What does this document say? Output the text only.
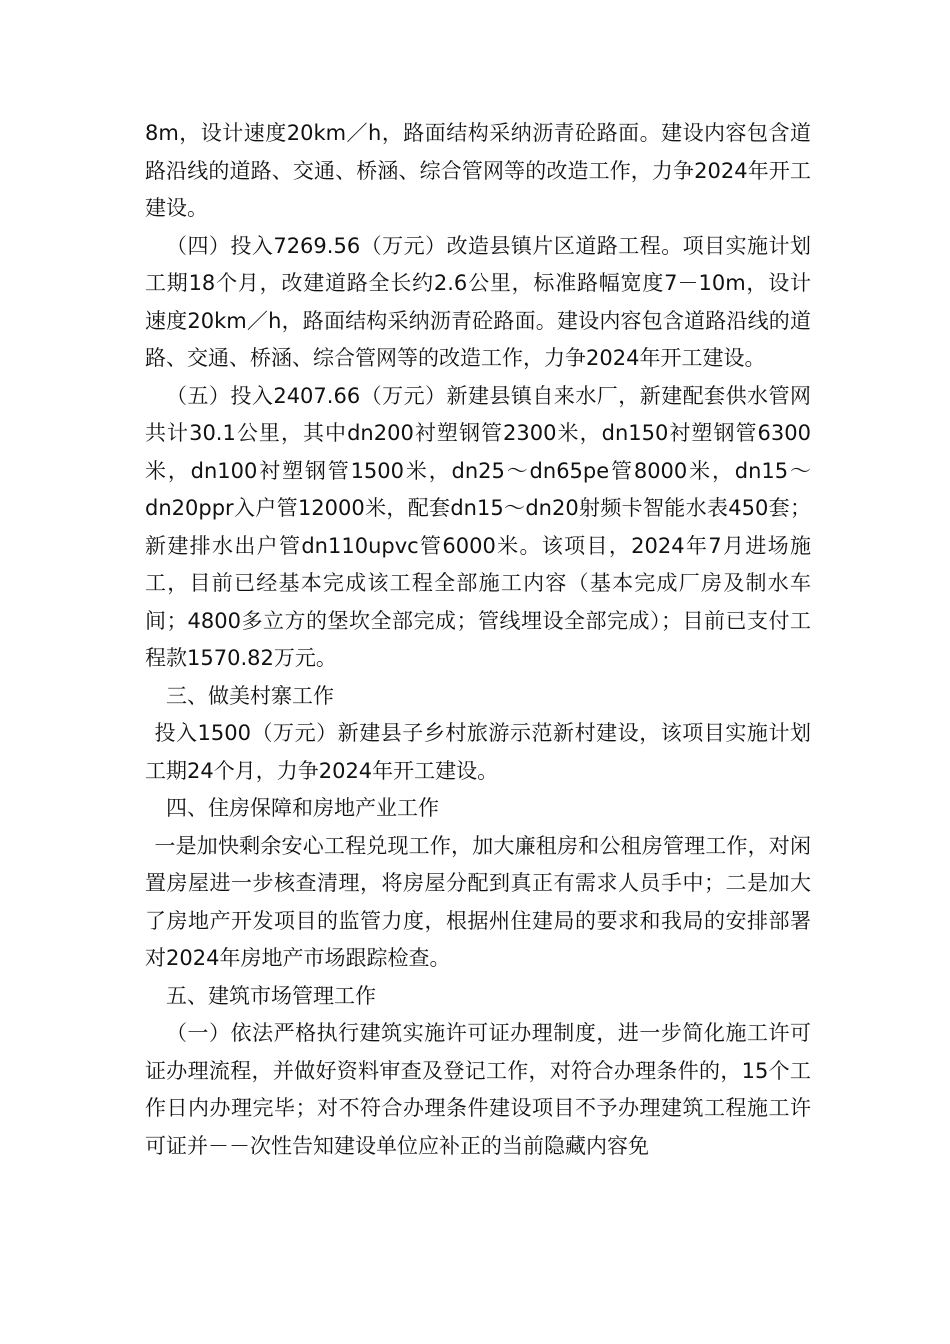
8m，设计速度20km／h，路面结构采纳沥青砼路面。建设内容包含道路沿线的道路、交通、桥涵、综合管网等的改造工作，力争2024年开工建设。

（四）投入7269.56（万元）改造县镇片区道路工程。项目实施计划工期18个月，改建道路全长约2.6公里，标准路幅宽度7－10m，设计速度20km／h，路面结构采纳沥青砼路面。建设内容包含道路沿线的道路、交通、桥涵、综合管网等的改造工作，力争2024年开工建设。

（五）投入2407.66（万元）新建县镇自来水厂，新建配套供水管网共计30.1公里，其中dn200衬塑钢管2300米，dn150衬塑钢管6300米，dn100衬塑钢管1500米，dn25～dn65pe管8000米，dn15～dn20ppr入户管12000米，配套dn15～dn20射频卡智能水表450套；新建排水出户管dn110upvc管6000米。该项目，2024年7月进场施工，目前已经基本完成该工程全部施工内容（基本完成厂房及制水车间；4800多立方的堡坎全部完成；管线埋设全部完成）；目前已支付工程款1570.82万元。

三、做美村寨工作

投入1500（万元）新建县子乡村旅游示范新村建设，该项目实施计划工期24个月，力争2024年开工建设。

四、住房保障和房地产业工作

一是加快剩余安心工程兑现工作，加大廉租房和公租房管理工作，对闲置房屋进一步核查清理，将房屋分配到真正有需求人员手中；二是加大了房地产开发项目的监管力度，根据州住建局的要求和我局的安排部署对2024年房地产市场跟踪检查。

五、建筑市场管理工作

（一）依法严格执行建筑实施许可证办理制度，进一步简化施工许可证办理流程，并做好资料审查及登记工作，对符合办理条件的，15个工作日内办理完毕；对不符合办理条件建设项目不予办理建筑工程施工许可证并－－次性告知建设单位应补正的当前隐藏内容免
